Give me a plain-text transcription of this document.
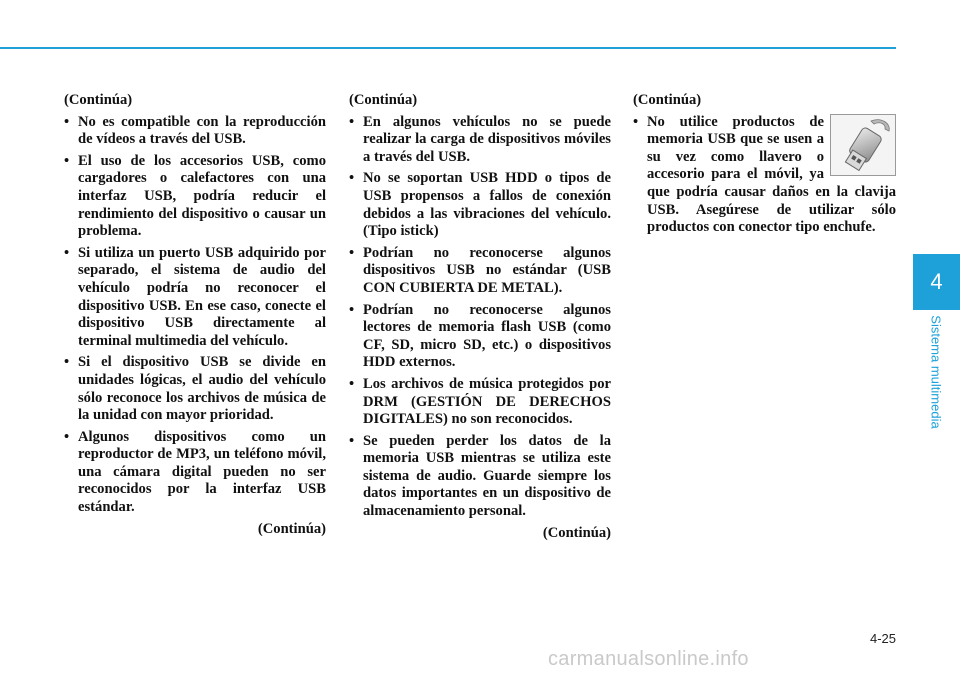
(Continúa)
• No es compatible con la reproducción de vídeos a través del USB.
• El uso de los accesorios USB, como cargadores o calefactores con una interfaz USB, podría reducir el rendimiento del dispositivo o causar un problema.
• Si utiliza un puerto USB adquirido por separado, el sistema de audio del vehículo podría no reconocer el dispositivo USB. En ese caso, conecte el dispositivo USB directamente al terminal multimedia del vehículo.
• Si el dispositivo USB se divide en unidades lógicas, el audio del vehículo sólo reconoce los archivos de música de la unidad con mayor prioridad.
• Algunos dispositivos como un reproductor de MP3, un teléfono móvil, una cámara digital pueden no ser reconocidos por la interfaz USB estándar.
(Continúa)
(Continúa)
• En algunos vehículos no se puede realizar la carga de dispositivos móviles a través del USB.
• No se soportan USB HDD o tipos de USB propensos a fallos de conexión debidos a las vibraciones del vehículo. (Tipo istick)
• Podrían no reconocerse algunos dispositivos USB no estándar (USB CON CUBIERTA DE METAL).
• Podrían no reconocerse algunos lectores de memoria flash USB (como CF, SD, micro SD, etc.) o dispositivos HDD externos.
• Los archivos de música protegidos por DRM (GESTIÓN DE DERECHOS DIGITALES) no son reconocidos.
• Se pueden perder los datos de la memoria USB mientras se utiliza este sistema de audio. Guarde siempre los datos importantes en un dispositivo de almacenamiento personal.
(Continúa)
(Continúa)
• No utilice productos de memoria USB que se usen a su vez como llavero o accesorio para el móvil, ya que podría causar daños en la clavija USB. Asegúrese de utilizar sólo productos con conector tipo enchufe.
4
Sistema multimedia
4-25
carmanualsonline.info
